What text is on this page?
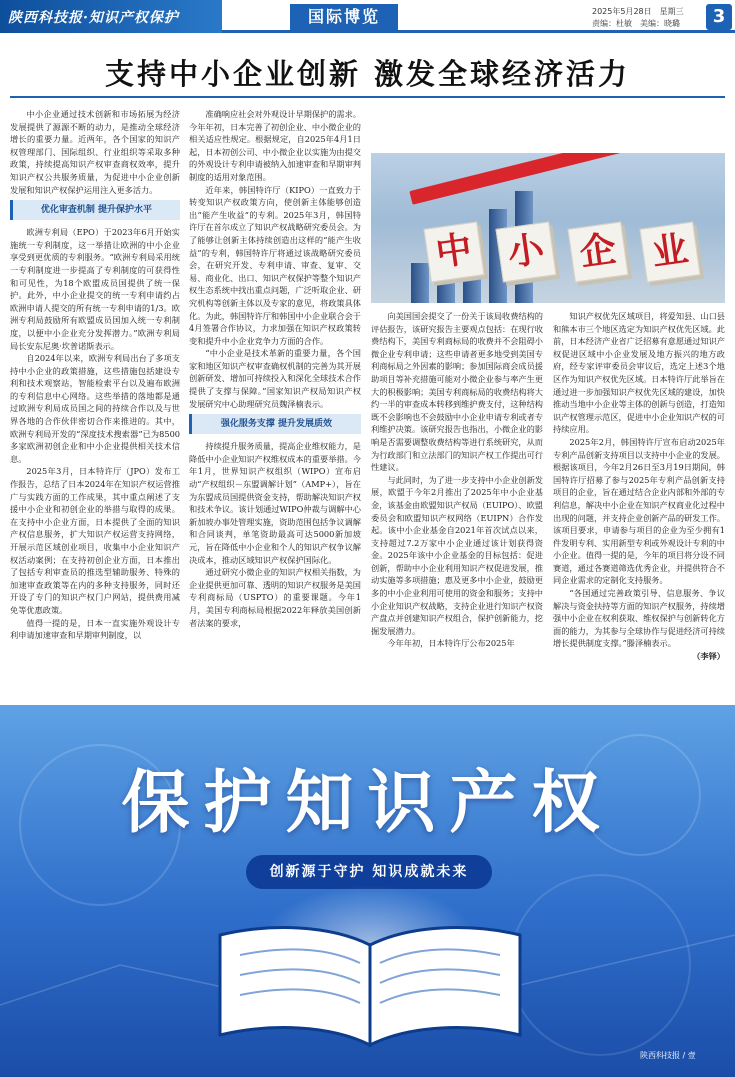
陕西科技报·知识产权保护	国际博览	2025年5月28日　星期三
责编：杜敏　美编：晓璐	3
支持中小企业创新 激发全球经济活力

中小企业通过技术创新和市场拓展为经济发展提供了源源不断的动力，是推动全球经济增长的重要力量。近两年，各个国家的知识产权管理部门、国际组织、行业组织等采取多种政策，持续提高知识产权审查商权效率，提升知识产权公共服务质量，为促进中小企业创新发展和知识产权保护运用注入更多活力。

优化审查机制 提升保护水平

欧洲专利局（EPO）于2023年6月开始实施统一专利制度，这一举措让欧洲的中小企业享受到更优质的专利服务。“欧洲专利局采用统一专利制度进一步提高了专利制度的可获得性和可见性，为18个欧盟成员国提供了统一保护。此外，中小企业提交的统一专利申请约占欧洲申请人提交的所有统一专利申请的1/3。欧洲专利局鼓励所有欧盟成员国加入统一专利制度，以便中小企业充分发挥潜力。”欧洲专利局局长安东尼奥·坎普诺斯表示。

自2024年以来，欧洲专利局出台了多项支持中小企业的政策措施，这些措施包括建设专利和技术观察站，智能检索平台以及遍布欧洲的专利信息中心网络。这些举措的落地都是通过欧洲专利局成员国之间的持续合作以及与世界各地的合作伙伴密切合作来推进的。其中，欧洲专利局开发的“深度技术搜索器”已为8500多家欧洲初创企业和中小企业提供相关技术信息。

2025年3月，日本特许厅（JPO）发布工作报告，总结了日本2024年在知识产权运营推广与实践方面的工作成果，其中重点阐述了支援中小企业和初创企业的举措与取得的成果。在支持中小企业方面，日本提供了全面的知识产权信息服务，扩大知识产权运营支持网络，开展示范区域创业项目，收集中小企业知识产权活动案例；在支持初创企业方面，日本推出了包括专利审查员的推选型辅助服务、特殊的加速审查政策等在内的多种支持服务，同时还开设了专门的知识产权门户网站，提供费用减免等优惠政策。

值得一提的是，日本一直实施外观设计专利申请加速审查和早期审判制度，以

准确响应社会对外观设计早期保护的需求。今年年初，日本完善了初创企业、中小微企业的相关适应性规定。根据规定，自2025年4月1日起，日本初创公司、中小微企业以实施为由提交的外观设计专利申请被纳入加速审查和早期审判制度的适用对象范围。

近年来，韩国特许厅（KIPO）一直致力于转变知识产权政策方向，使创新主体能够创造出“能产生收益”的专利。2025年3月，韩国特许厅在首尔成立了知识产权战略研究委员会。为了能够让创新主体持续创造出这样的“能产生收益”的专利，韩国特许厅将通过该战略研究委员会，在研究开发、专利申请、审查、复审、交易、商业化、出口、知识产权保护等整个知识产权生态系统中找出重点问题，广泛听取企业、研究机构等创新主体以及专家的意见，将政策具体化。为此，韩国特许厅和韩国中小企业联合会于4月签署合作协议，力求加强在知识产权政策转变和提升中小企业竞争力方面的合作。

“中小企业是技术革新的重要力量，各个国家和地区知识产权审查确权机制的完善为其开展创新研发、增加可持续投入和深化全球技术合作提供了支撑与保障。”国家知识产权局知识产权发展研究中心助理研究员魏泽楠表示。

强化服务支撑 提升发展质效

持续提升服务质量，提高企业维权能力，是降低中小企业知识产权维权成本的重要举措。今年1月，世界知识产权组织（WIPO）宣布启动“产权组织－东盟调解计划”（AMP+），旨在为东盟成员国提供资金支持，帮助解决知识产权和技术争议。该计划通过WIPO仲裁与调解中心新加坡办事处管理实施，资助范围包括争议调解和合同谈判，单笔资助最高可达5000新加坡元，旨在降低中小企业和个人的知识产权争议解决成本，推动区域知识产权保护国际化。

通过研究小微企业的知识产权相关指数，为企业提供更加可靠、透明的知识产权服务是美国专利商标局（USPTO）的重要课题。今年1月，美国专利商标局根据2022年释放美国创新者法案的要求，

中 小 企 业

向美国国会提交了一份关于该局收费结构的评估报告，该研究报告主要观点包括：在现行收费结构下，美国专利商标局的收费并不会阻碍小微企业专利申请；这些申请者更多地受到美国专利商标局之外因素的影响；参加国际商会成员援助项目等补充措施可能对小微企业参与率产生更大的积极影响；美国专利商标局的收费结构将大约一半的审查成本转移到维护费支付，这种结构既不会影响也不会鼓励中小企业申请专利或者专利维护决策。该研究报告也指出，小微企业的影响是否需要调整收费结构等进行系统研究，从而为行政部门和立法部门的知识产权工作提出可行性建议。

与此同时，为了进一步支持中小企业创新发展，欧盟于今年2月推出了2025年中小企业基金，该基金由欧盟知识产权局（EUIPO）、欧盟委员会和欧盟知识产权网络（EUIPN）合作发起。该中小企业基金自2021年首次试点以来，支持超过7.2万家中小企业通过该计划获得资金。2025年该中小企业基金的目标包括：促进创新，帮助中小企业利用知识产权促进发展，推动实施等多项措施；惠及更多中小企业，鼓励更多的中小企业利用可使用的资金和服务；支持中小企业知识产权战略，支持企业进行知识产权资产盘点并创建知识产权组合，保护创新能力，挖掘发展潜力。

今年年初，日本特许厅公布2025年

知识产权优先区域项目，将爱知县、山口县和熊本市三个地区选定为知识产权优先区域。此前，日本经济产业省广泛招募有意愿通过知识产权促进区域中小企业发展及地方振兴的地方政府，经专家评审委员会审议后，选定上述3个地区作为知识产权优先区域。日本特许厅此举旨在通过进一步加强知识产权优先区域的建设，加快推动当地中小企业等主体的创新与创造，打造知识产权管理示范区，促进中小企业知识产权的可持续应用。

2025年2月，韩国特许厅宣布启动2025年专利产品创新支持项目以支持中小企业的发展。根据该项目，今年2月26日至3月19日期间，韩国特许厅招募了参与2025年专利产品创新支持项目的企业，旨在通过结合企业内部和外部的专利信息，解决中小企业在知识产权商业化过程中出现的问题，并支持企业创新产品的研发工作。该项目要求，申请参与项目的企业为至少拥有1件发明专利、实用新型专利或外观设计专利的中小企业。值得一提的是，今年的项目将分设不同赛道，通过各赛道筛选优秀企业，并提供符合不同企业需求的定制化支持服务。

“各国通过完善政策引导、信息服务、争议解决与资金扶持等方面的知识产权服务，持续增强中小企业在权利获取、维权保护与创新转化方面的能力，为其参与全球协作与促进经济可持续增长提供制度支撑。”滕泽楠表示。

（李铎）
保护知识产权
创新源于守护 知识成就未来
陕西科技报 / 壹
